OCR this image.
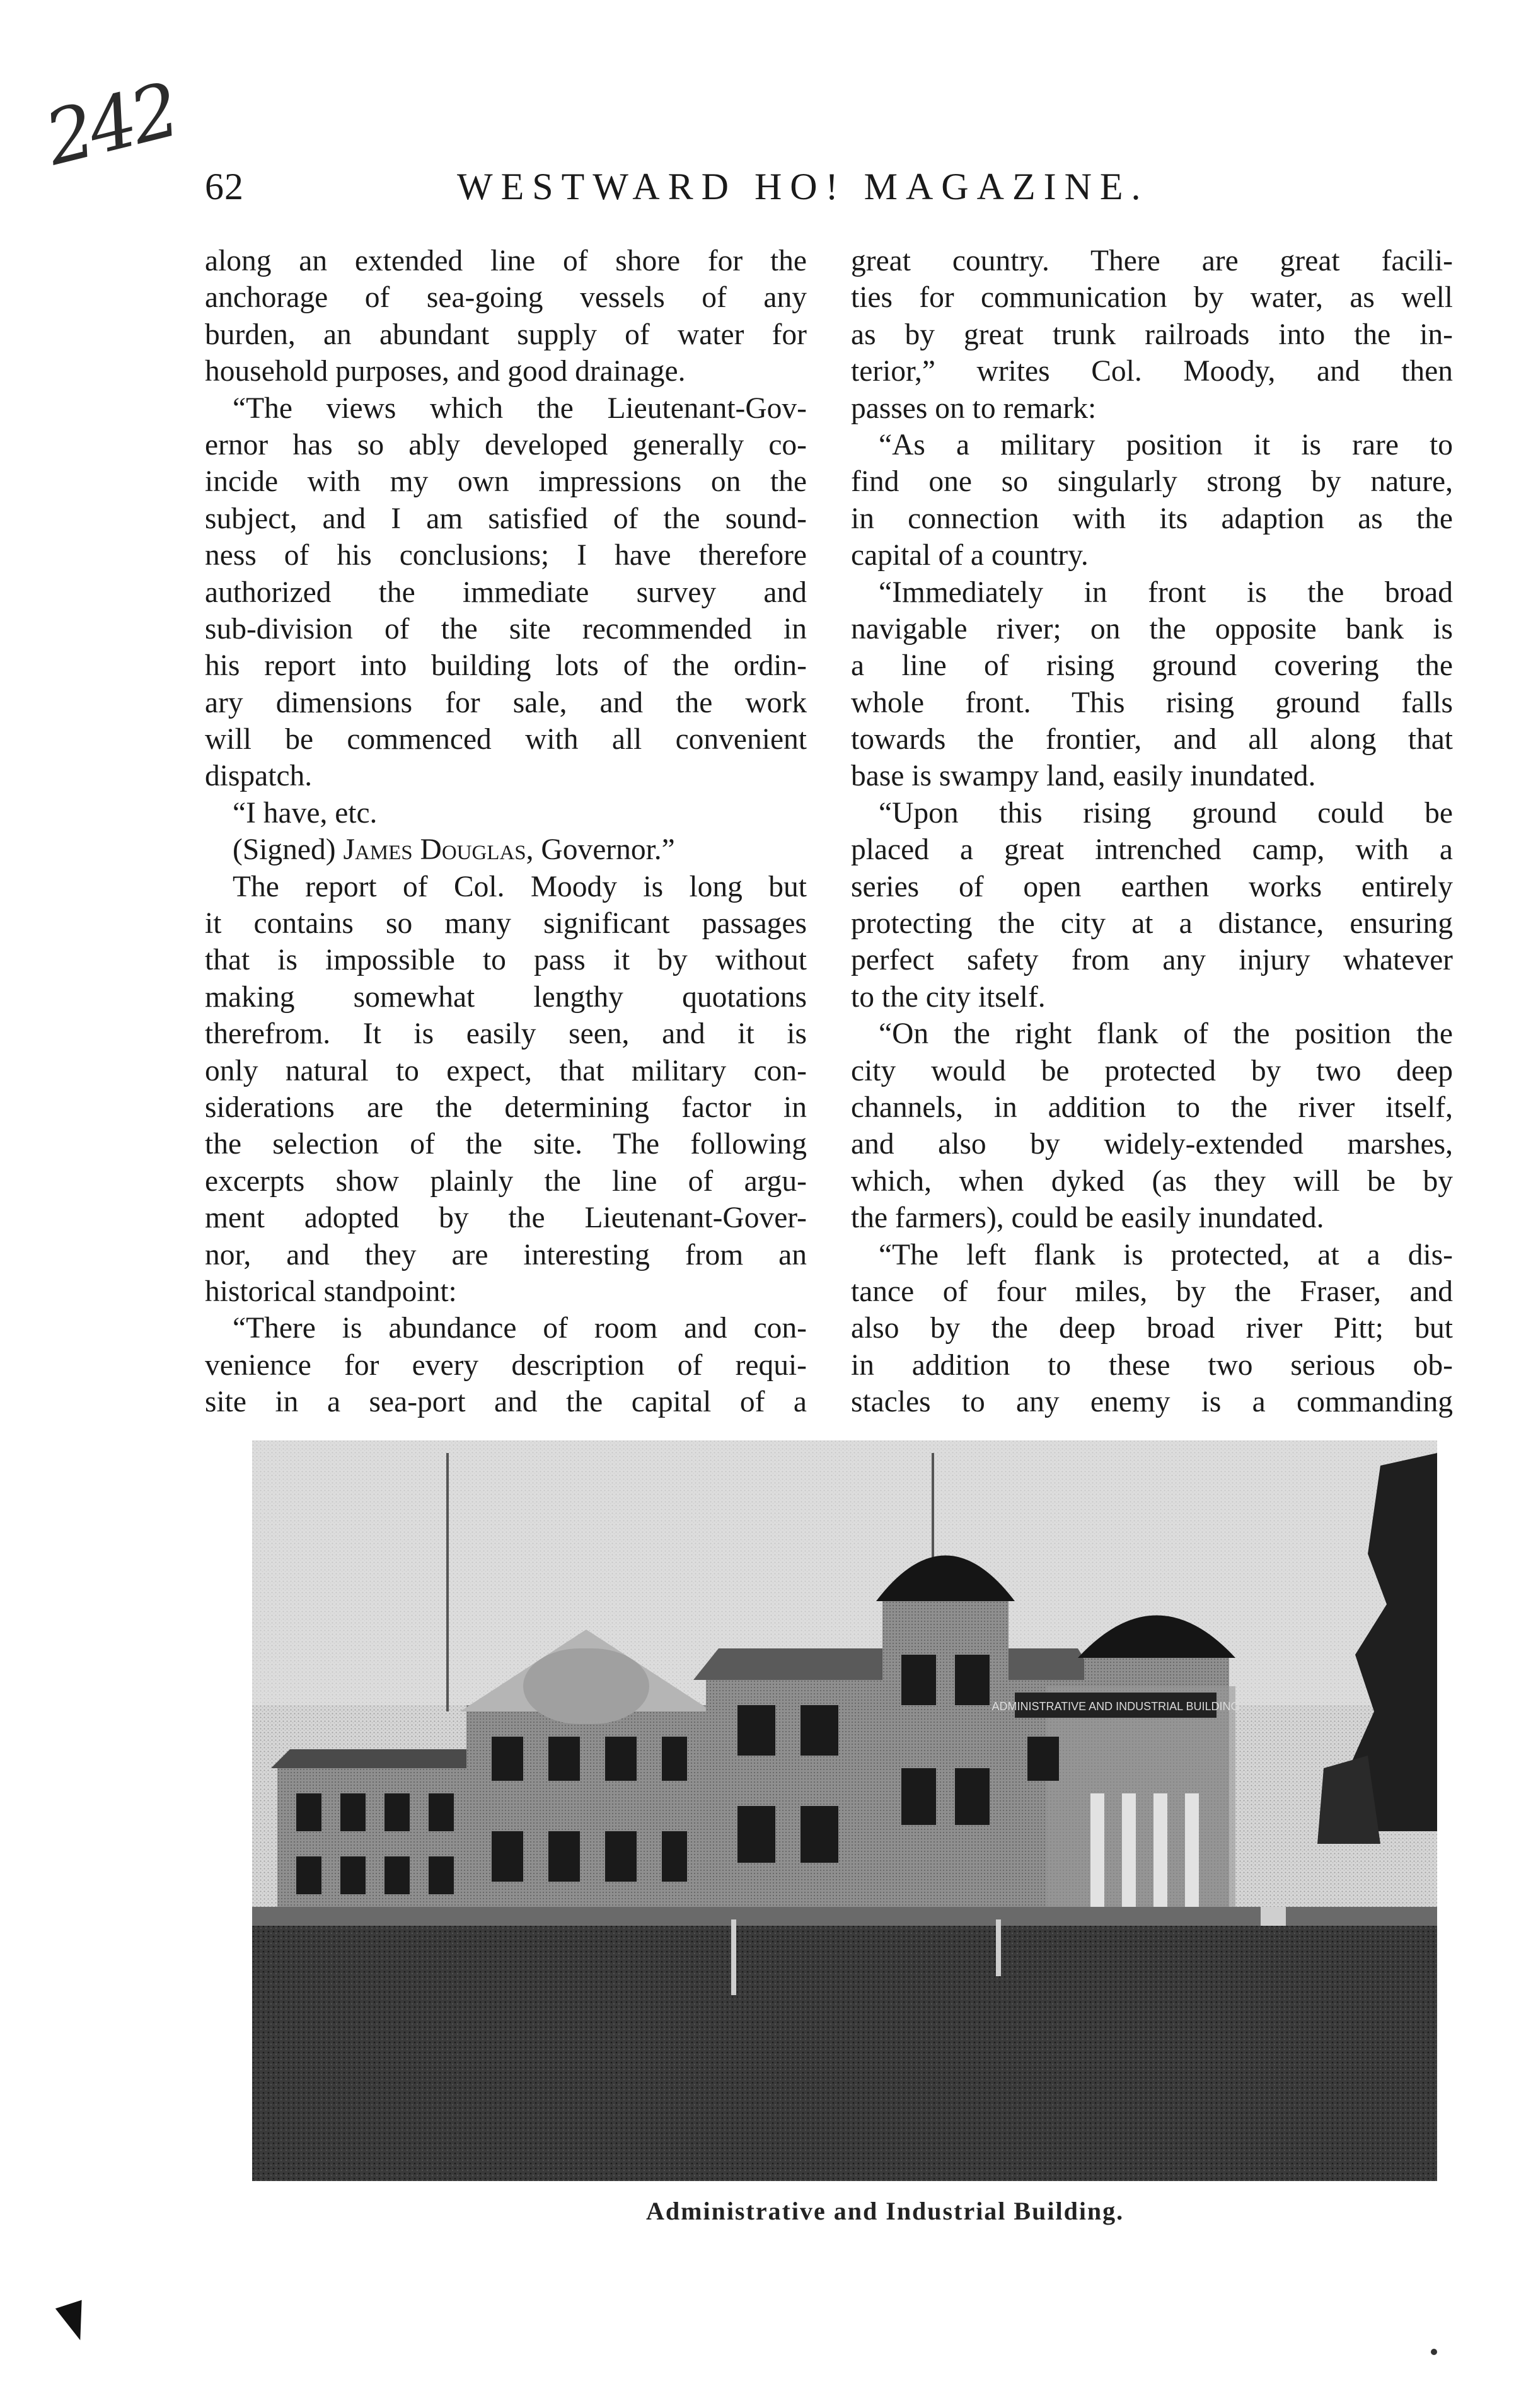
242
62	WESTWARD HO! MAGAZINE.
along an extended line of shore for the
anchorage of sea-going vessels of any
burden, an abundant supply of water for
household purposes, and good drainage.
“The views which the Lieutenant-Gov-
ernor has so ably developed generally co-
incide with my own impressions on the
subject, and I am satisfied of the sound-
ness of his conclusions; I have therefore
authorized the immediate survey and
sub-division of the site recommended in
his report into building lots of the ordin-
ary dimensions for sale, and the work
will be commenced with all convenient
dispatch.
“I have, etc.
(Signed) James Douglas, Governor.”
The report of Col. Moody is long but
it contains so many significant passages
that is impossible to pass it by without
making somewhat lengthy quotations
therefrom. It is easily seen, and it is
only natural to expect, that military con-
siderations are the determining factor in
the selection of the site. The following
excerpts show plainly the line of argu-
ment adopted by the Lieutenant-Gover-
nor, and they are interesting from an
historical standpoint:
“There is abundance of room and con-
venience for every description of requi-
site in a sea-port and the capital of a
great country. There are great facili-
ties for communication by water, as well
as by great trunk railroads into the in-
terior,” writes Col. Moody, and then
passes on to remark:
“As a military position it is rare to
find one so singularly strong by nature,
in connection with its adaption as the
capital of a country.
“Immediately in front is the broad
navigable river; on the opposite bank is
a line of rising ground covering the
whole front. This rising ground falls
towards the frontier, and all along that
base is swampy land, easily inundated.
“Upon this rising ground could be
placed a great intrenched camp, with a
series of open earthen works entirely
protecting the city at a distance, ensuring
perfect safety from any injury whatever
to the city itself.
“On the right flank of the position the
city would be protected by two deep
channels, in addition to the river itself,
and also by widely-extended marshes,
which, when dyked (as they will be by
the farmers), could be easily inundated.
“The left flank is protected, at a dis-
tance of four miles, by the Fraser, and
also by the deep broad river Pitt; but
in addition to these two serious ob-
stacles to any enemy is a commanding
ADMINISTRATIVE AND INDUSTRIAL BUILDING
Administrative and Industrial Building.
